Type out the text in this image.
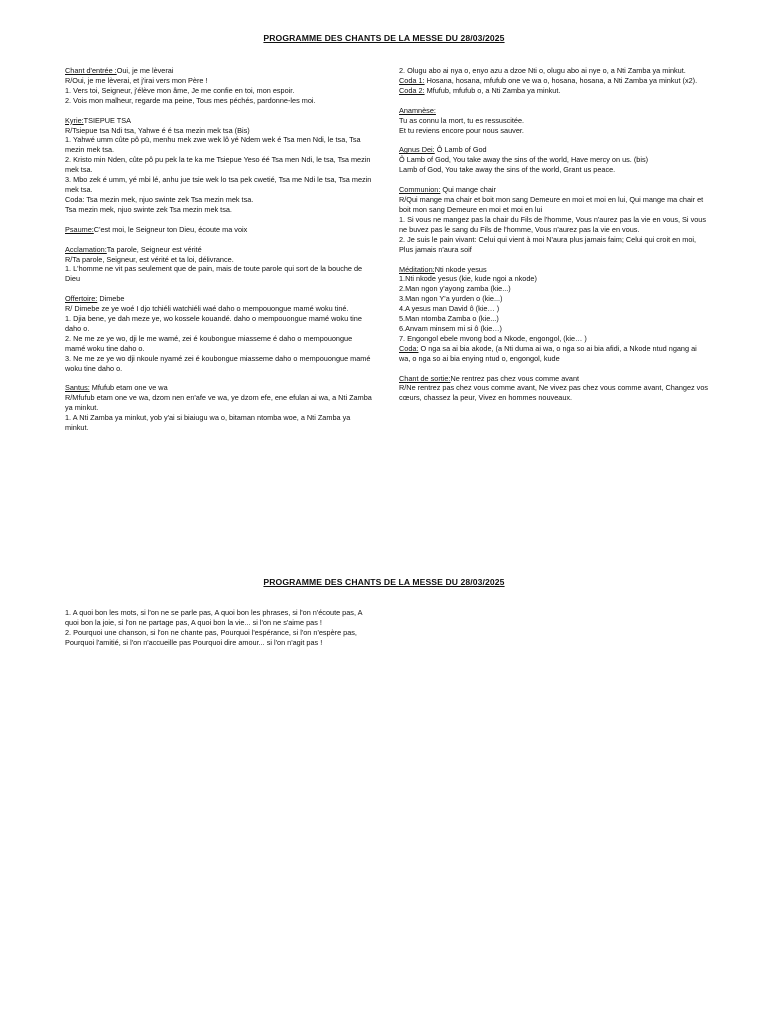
PROGRAMME DES CHANTS DE LA MESSE DU 28/03/2025

Chant d'entrée :Oui, je me lèverai

R/Oui, je me lèverai, et j'irai vers mon Père !

1. Vers toi, Seigneur, j'élève mon âme, Je me confie en toi, mon espoir.

2. Vois mon malheur, regarde ma peine, Tous mes péchés, pardonne-les moi.

Kyrie:TSIEPUE TSA

R/Tsiepue tsa Ndi tsa, Yahwe é é tsa mezin mek tsa (Bis)

1. Yahwé umm cûte pô pü, menhu mek zwe wek lô yé Ndem wek é Tsa men Ndi, le tsa, Tsa mezin mek tsa.

2. Kristo min Nden, cûte pô pu pek la te ka me Tsiepue Yeso éé Tsa men Ndi, le tsa, Tsa mezin mek tsa.

3. Mbo zek é umm, yé mbi lé, anhu jue tsie wek lo tsa pek cwetié, Tsa me Ndi le tsa, Tsa mezin mek tsa.

Coda: Tsa mezin mek, njuo swinte zek Tsa mezin mek tsa.

Tsa mezin mek, njuo swinte zek Tsa mezin mek tsa.

Psaume:C'est moi, le Seigneur ton Dieu, écoute ma voix

Acclamation:Ta parole, Seigneur est vérité

R/Ta parole, Seigneur, est vérité et ta loi, délivrance.

1. L'homme ne vit pas seulement que de pain, mais de toute parole qui sort de la bouche de Dieu

Offertoire: Dimebe

R/ Dimebe ze ye woé I djo tchiéli watchiéli waé daho o mempouongue mamé woku tiné.

1. Djia bene, ye dah meze ye, wo kossele kouandé. daho o mempouongue mamé woku tine daho o.

2. Ne me ze ye wo, dji le me wamé, zei é koubongue miasseme é daho o mempouongue mamé woku tine daho o.

3. Ne me ze ye wo dji nkoule nyamé zei é koubongue miasseme daho o mempouongue mamé woku tine daho o.

Santus: Mfufub etam one ve wa

R/Mfufub etam one ve wa, dzom nen en'afe ve wa, ye dzom efe, ene efulan ai wa, a Nti Zamba ya minkut.

1. A Nti Zamba ya minkut, yob y'ai si biaiugu wa o, bitaman ntomba woe, a Nti Zamba ya minkut.

2. Olugu abo ai nya o, enyo azu a dzoe Nti o, olugu abo ai nye o, a Nti Zamba ya minkut.

Coda 1: Hosana, hosana, mfufub one ve wa o, hosana, hosana, a Nti Zamba ya minkut (x2).

Coda 2: Mfufub, mfufub o, a Nti Zamba ya minkut.

Anamnèse:

Tu as connu la mort, tu es ressuscitée.

Et tu reviens encore pour nous sauver.

Agnus Dei: Ô Lamb of God

Ô Lamb of God, You take away the sins of the world, Have mercy on us. (bis)

Lamb of God, You take away the sins of the world, Grant us peace.

Communion: Qui mange chair

R/Qui mange ma chair et boit mon sang Demeure en moi et moi en lui, Qui mange ma chair et boit mon sang Demeure en moi et moi en lui

1. Si vous ne mangez pas la chair du Fils de l'homme, Vous n'aurez pas la vie en vous, Si vous ne buvez pas le sang du Fils de l'homme, Vous n'aurez pas la vie en vous.

2. Je suis le pain vivant: Celui qui vient à moi N'aura plus jamais faim; Celui qui croit en moi, Plus jamais n'aura soif

Méditation:Nti nkode yesus

1.Nti nkode yesus (kie, kude ngoi a nkode)

2.Man ngon y'ayong zamba (kie...)

3.Man ngon Y'a yurden o (kie...)

4.A yesus man David ô (kie… )

5.Man ntomba Zamba o (kie...)

6.Anvam minsem mi si ô (kie…)

7. Engongol ebele mvong bod a Nkode, engongol, (kie… )

Coda: O nga sa ai bia akode, (a Nti duma ai wa, o nga so ai bia afidi, a Nkode ntud ngang ai wa, o nga so ai bia enying ntud o, engongol, kude

Chant de sortie:Ne rentrez pas chez vous comme avant

R/Ne rentrez pas chez vous comme avant, Ne vivez pas chez vous comme avant, Changez vos cœurs, chassez la peur, Vivez en hommes nouveaux.

PROGRAMME DES CHANTS DE LA MESSE DU 28/03/2025

1. A quoi bon les mots, si l'on ne se parle pas, A quoi bon les phrases, si l'on n'écoute pas, A quoi bon la joie, si l'on ne partage pas, A quoi bon la vie... si l'on ne s'aime pas !

2. Pourquoi une chanson, si l'on ne chante pas, Pourquoi l'espérance, si l'on n'espère pas, Pourquoi l'amitié, si l'on n'accueille pas Pourquoi dire amour... si l'on n'agit pas !
